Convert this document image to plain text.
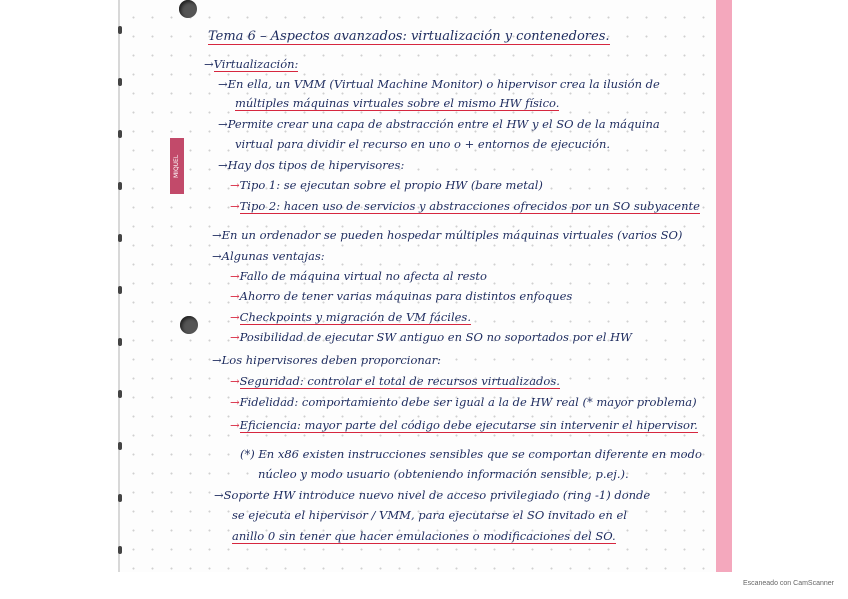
MIQUEL
Tema 6 – Aspectos avanzados: virtualización y contenedores.
→Virtualización:
→En ella, un VMM (Virtual Machine Monitor) o hipervisor crea la ilusión de
múltiples máquinas virtuales sobre el mismo HW físico.
→Permite crear una capa de abstracción entre el HW y el SO de la máquina
virtual para dividir el recurso en uno o + entornos de ejecución.
→Hay dos tipos de hipervisores:
→Tipo 1: se ejecutan sobre el propio HW (bare metal)
→Tipo 2: hacen uso de servicios y abstracciones ofrecidos por un SO subyacente
→En un ordenador se pueden hospedar múltiples máquinas virtuales (varios SO)
→Algunas ventajas:
→Fallo de máquina virtual no afecta al resto
→Ahorro de tener varias máquinas para distintos enfoques
→Checkpoints y migración de VM fáciles.
→Posibilidad de ejecutar SW antiguo en SO no soportados por el HW
→Los hipervisores deben proporcionar:
→Seguridad: controlar el total de recursos virtualizados.
→Fidelidad: comportamiento debe ser igual a la de HW real (* mayor problema)
→Eficiencia: mayor parte del código debe ejecutarse sin intervenir el hipervisor.
(*) En x86 existen instrucciones sensibles que se comportan diferente en modo
núcleo y modo usuario (obteniendo información sensible, p.ej.).
→Soporte HW introduce nuevo nivel de acceso privilegiado (ring -1) donde
se ejecuta el hipervisor / VMM, para ejecutarse el SO invitado en el
anillo 0 sin tener que hacer emulaciones o modificaciones del SO.
Escaneado con CamScanner
